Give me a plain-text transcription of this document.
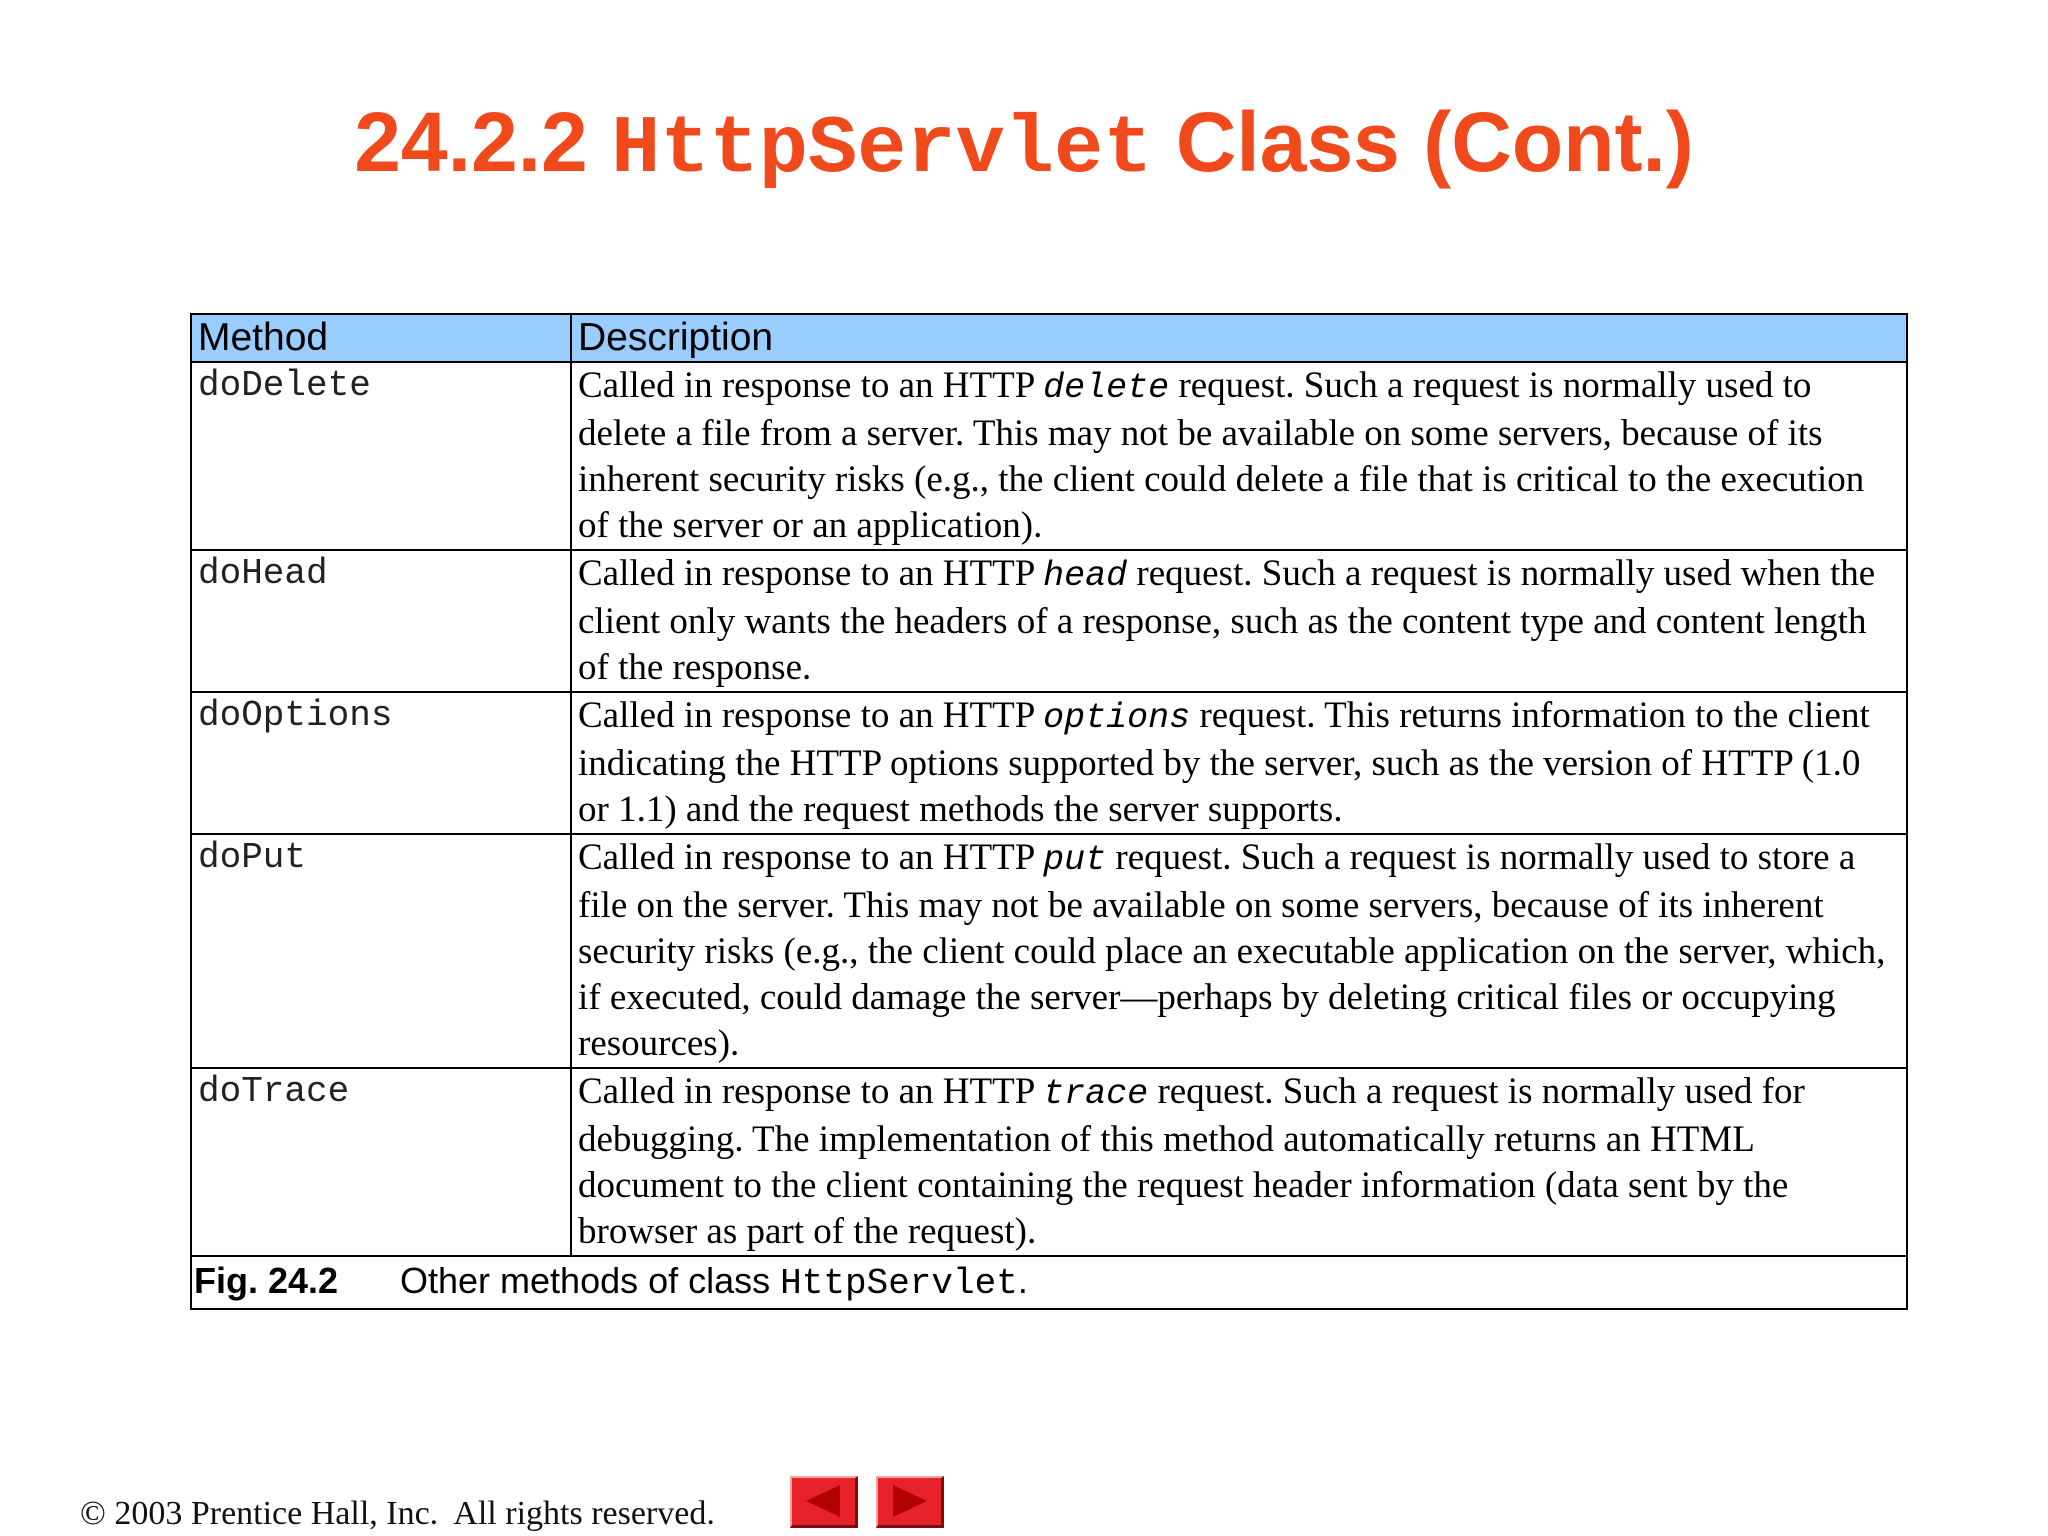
24.2.2 HttpServlet Class (Cont.)
Method	Description
doDelete	Called in response to an HTTP delete request. Such a request is normally used to delete a file from a server. This may not be available on some servers, because of its inherent security risks (e.g., the client could delete a file that is critical to the execution of the server or an application).
doHead	Called in response to an HTTP head request. Such a request is normally used when the client only wants the headers of a response, such as the content type and content length of the response.
doOptions	Called in response to an HTTP options request. This returns information to the client indicating the HTTP options supported by the server, such as the version of HTTP (1.0 or 1.1) and the request methods the server supports.
doPut	Called in response to an HTTP put request. Such a request is normally used to store a file on the server. This may not be available on some servers, because of its inherent security risks (e.g., the client could place an executable application on the server, which, if executed, could damage the server—perhaps by deleting critical files or occupying resources).
doTrace	Called in response to an HTTP trace request. Such a request is normally used for debugging. The implementation of this method automatically returns an HTML document to the client containing the request header information (data sent by the browser as part of the request).
Fig. 24.2 Other methods of class HttpServlet.	
© 2003 Prentice Hall, Inc.  All rights reserved.
